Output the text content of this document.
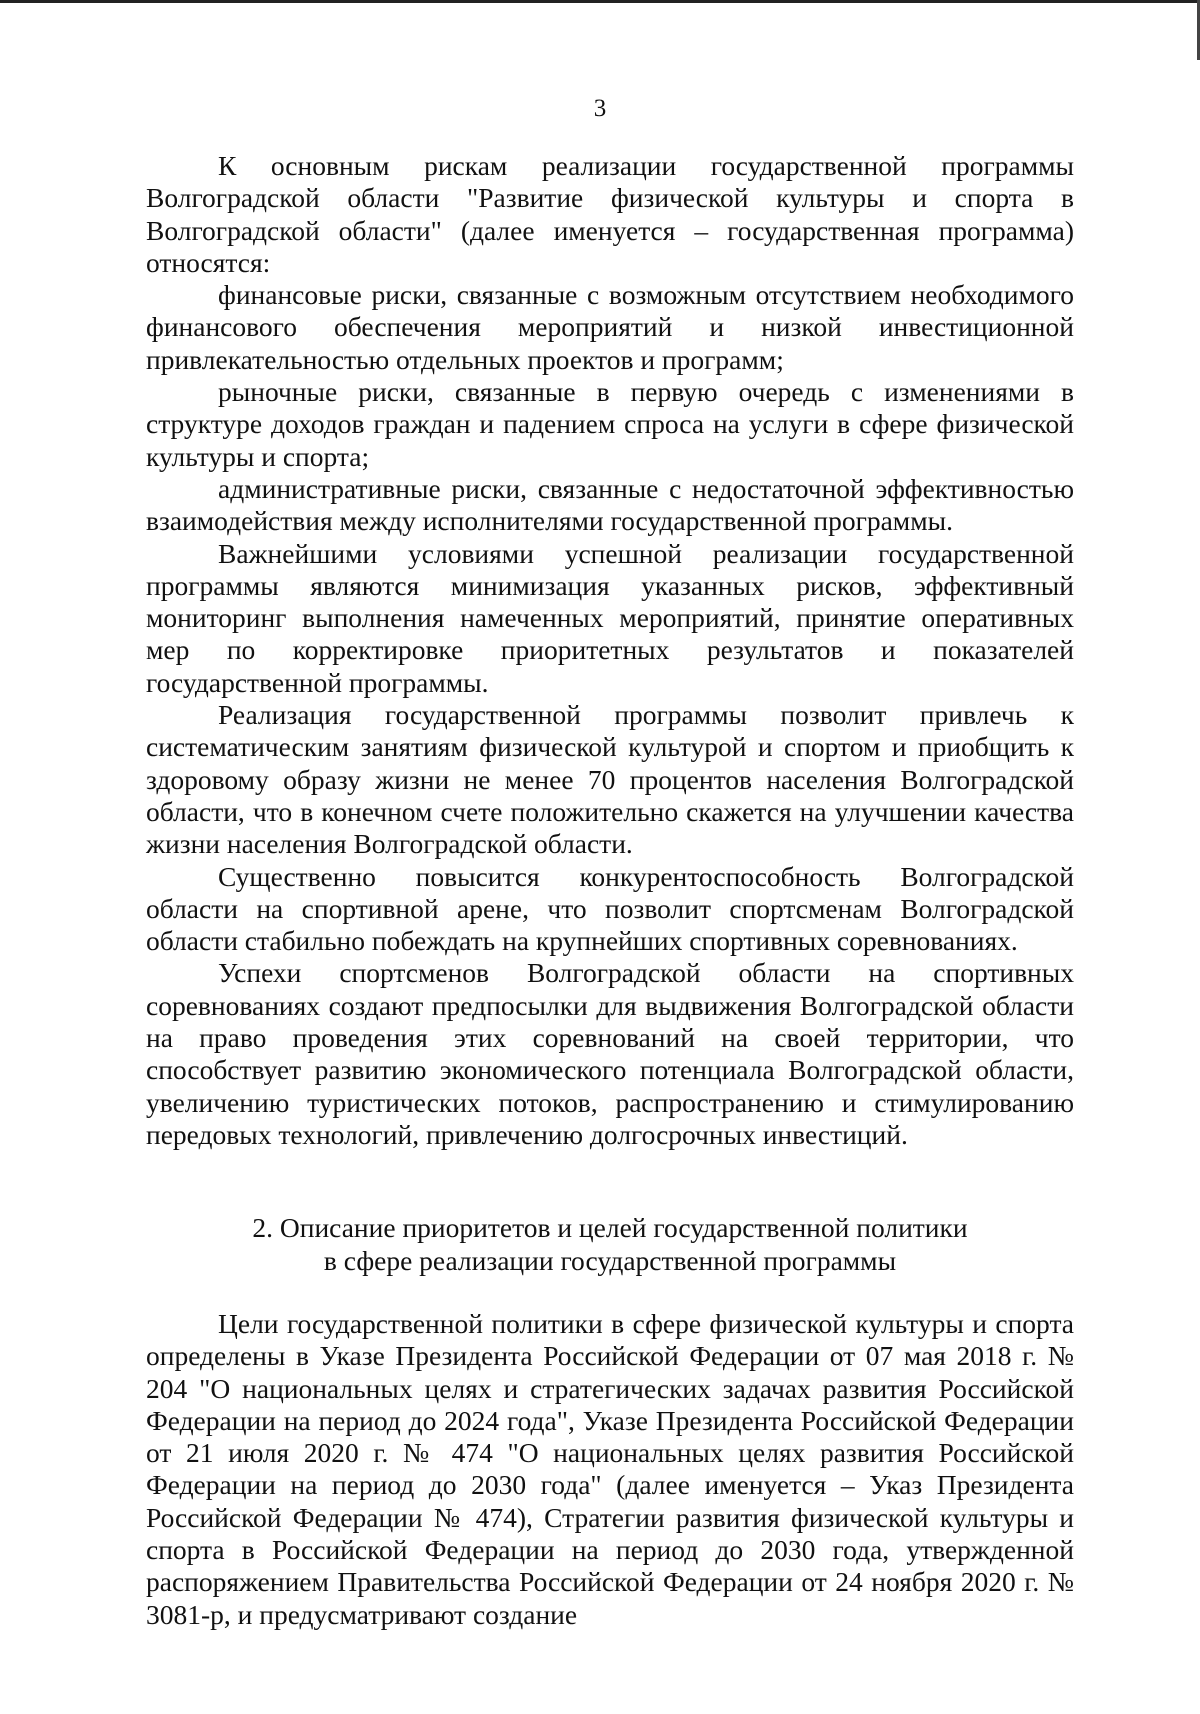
3

К основным рискам реализации государственной программы Волгоградской области "Развитие физической культуры и спорта в Волгоградской области" (далее именуется – государственная программа) относятся:

финансовые риски, связанные с возможным отсутствием необходимого финансового обеспечения мероприятий и низкой инвестиционной привлекательностью отдельных проектов и программ;

рыночные риски, связанные в первую очередь с изменениями в структуре доходов граждан и падением спроса на услуги в сфере физической культуры и спорта;

административные риски, связанные с недостаточной эффективностью взаимодействия между исполнителями государственной программы.

Важнейшими условиями успешной реализации государственной программы являются минимизация указанных рисков, эффективный мониторинг выполнения намеченных мероприятий, принятие оперативных мер по корректировке приоритетных результатов и показателей государственной программы.

Реализация государственной программы позволит привлечь к систематическим занятиям физической культурой и спортом и приобщить к здоровому образу жизни не менее 70 процентов населения Волгоградской области, что в конечном счете положительно скажется на улучшении качества жизни населения Волгоградской области.

Существенно повысится конкурентоспособность Волгоградской области на спортивной арене, что позволит спортсменам Волгоградской области стабильно побеждать на крупнейших спортивных соревнованиях.

Успехи спортсменов Волгоградской области на спортивных соревнованиях создают предпосылки для выдвижения Волгоградской области на право проведения этих соревнований на своей территории, что способствует развитию экономического потенциала Волгоградской области, увеличению туристических потоков, распространению и стимулированию передовых технологий, привлечению долгосрочных инвестиций.

2. Описание приоритетов и целей государственной политики
в сфере реализации государственной программы

Цели государственной политики в сфере физической культуры и спорта определены в Указе Президента Российской Федерации от 07 мая 2018 г. № 204 "О национальных целях и стратегических задачах развития Российской Федерации на период до 2024 года", Указе Президента Российской Федерации от 21 июля 2020 г. № 474 "О национальных целях развития Российской Федерации на период до 2030 года" (далее именуется – Указ Президента Российской Федерации № 474), Стратегии развития физической культуры и спорта в Российской Федерации на период до 2030 года, утвержденной распоряжением Правительства Российской Федерации от 24 ноября 2020 г. № 3081-р, и предусматривают создание
